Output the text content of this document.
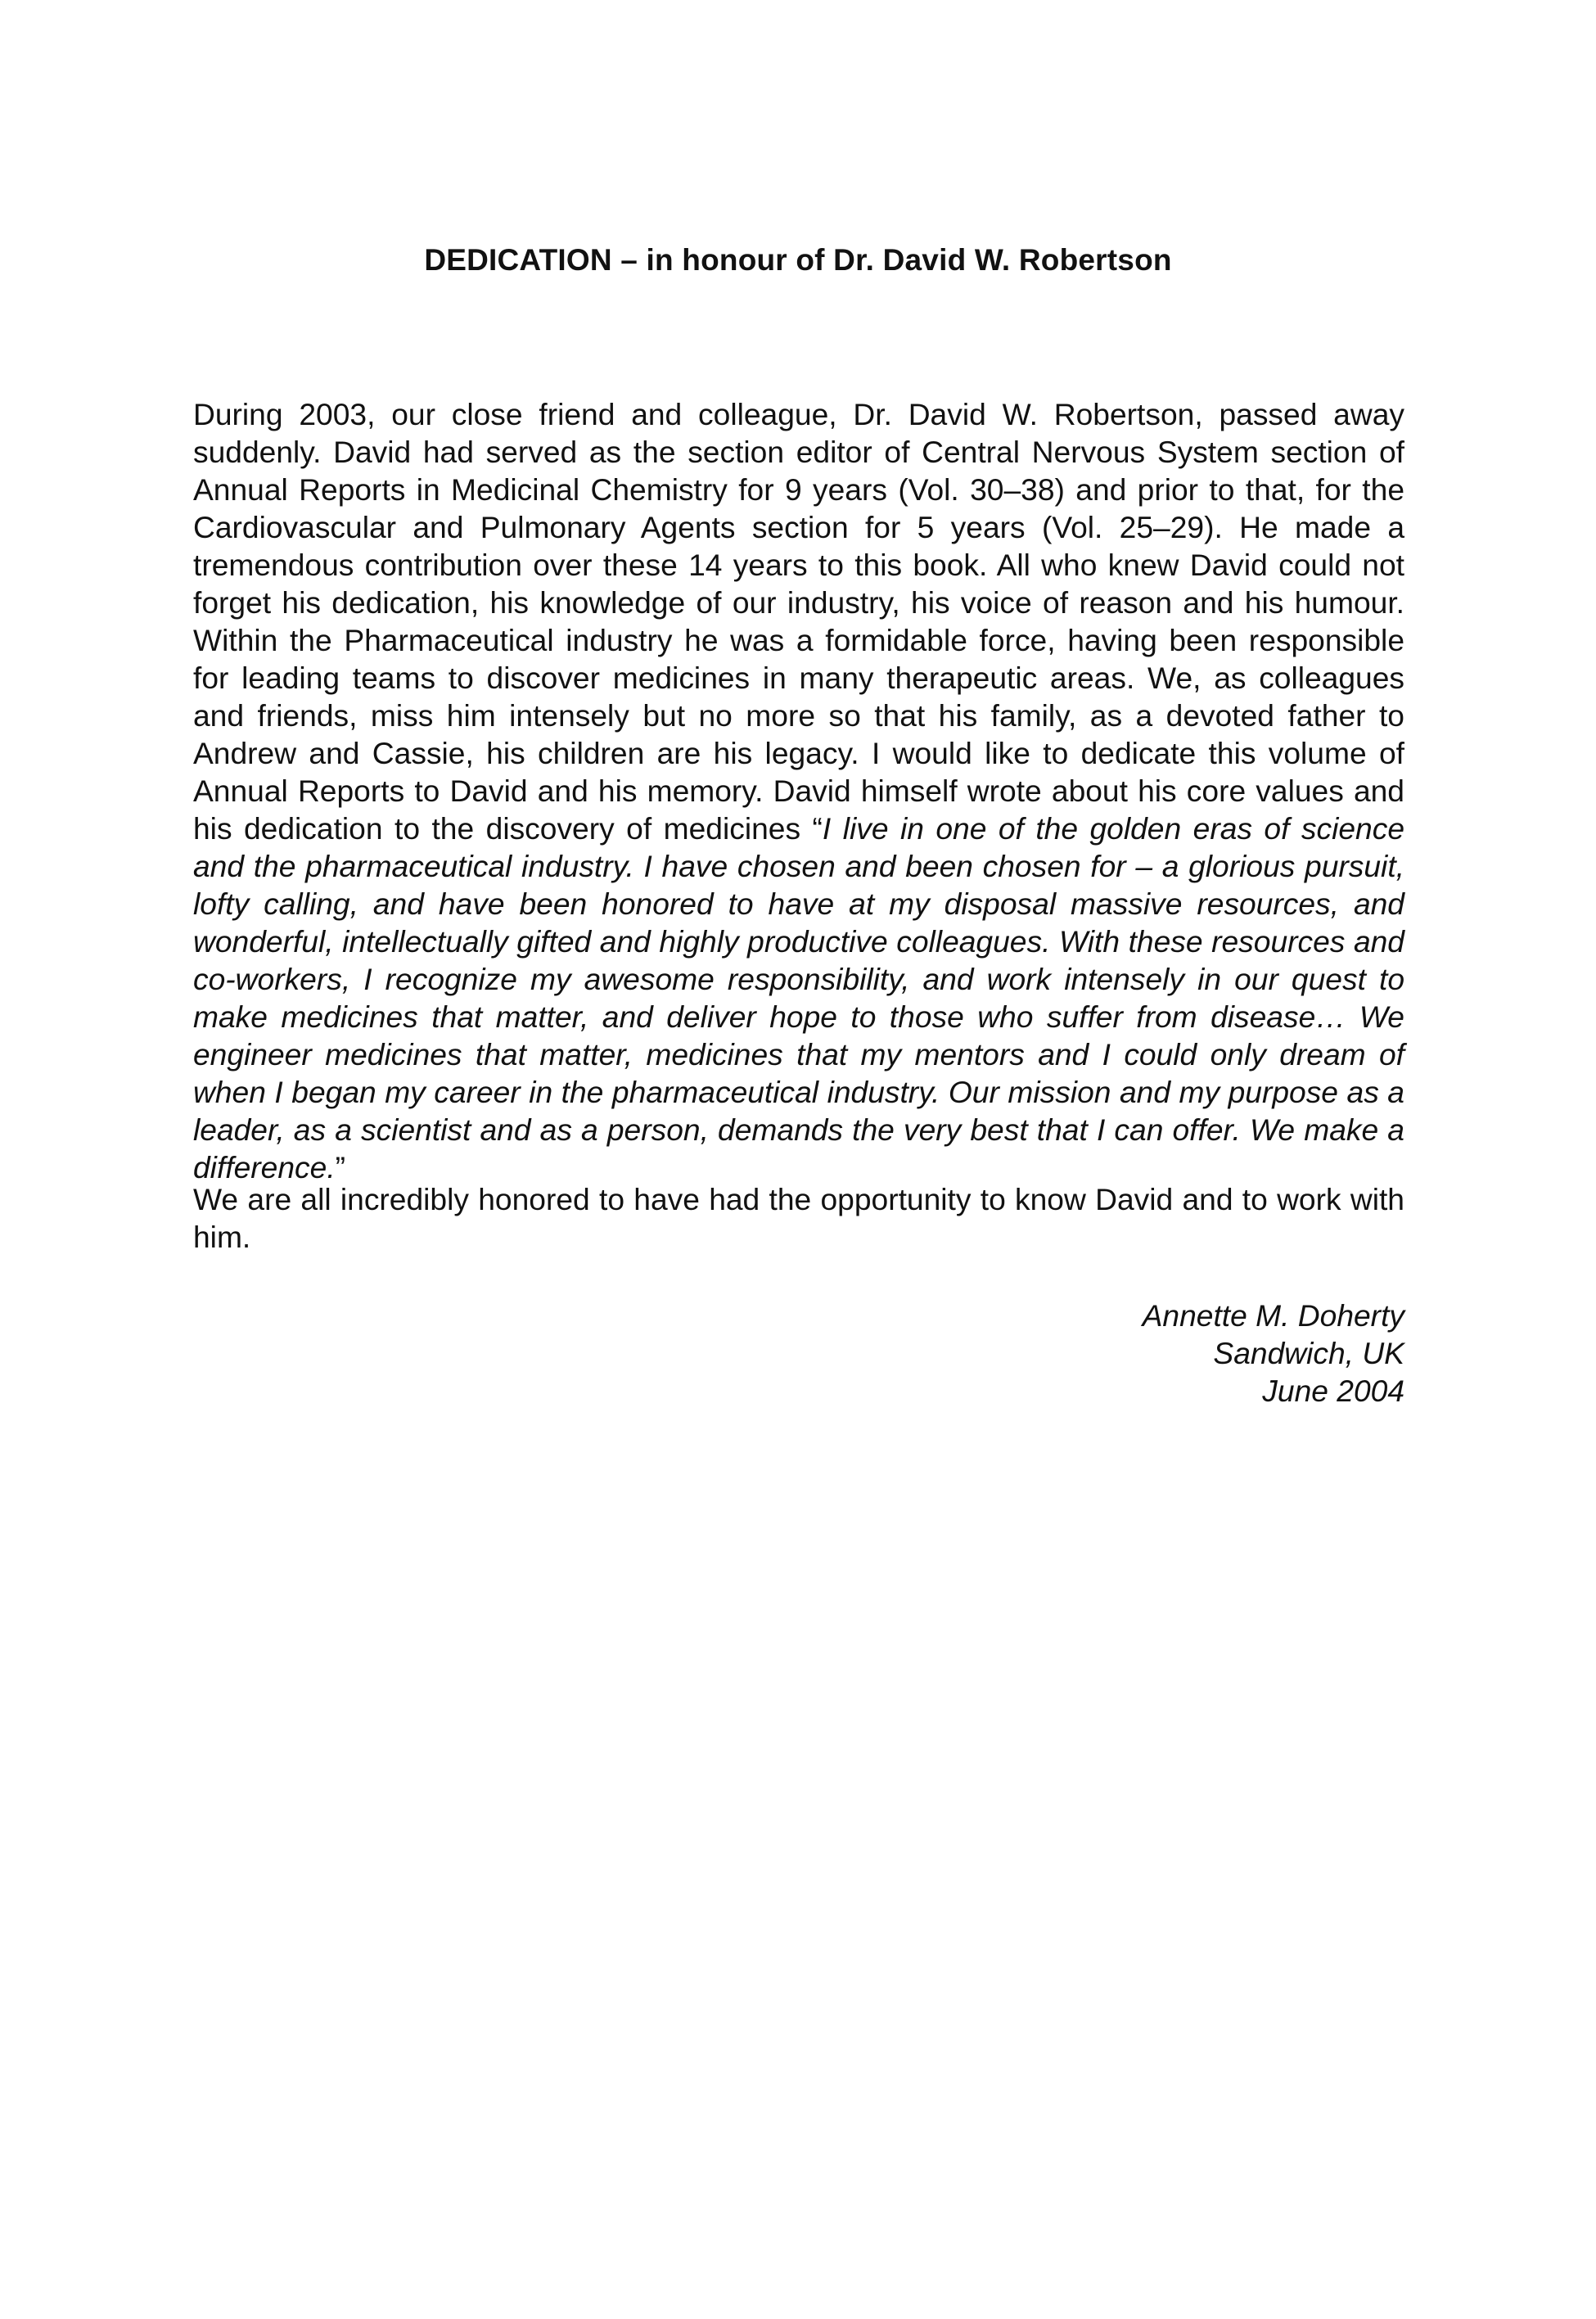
DEDICATION – in honour of Dr. David W. Robertson
During 2003, our close friend and colleague, Dr. David W. Robertson, passed away suddenly. David had served as the section editor of Central Nervous System section of Annual Reports in Medicinal Chemistry for 9 years (Vol. 30–38) and prior to that, for the Cardiovascular and Pulmonary Agents section for 5 years (Vol. 25–29). He made a tremendous contribution over these 14 years to this book. All who knew David could not forget his dedication, his knowledge of our industry, his voice of reason and his humour. Within the Pharmaceutical industry he was a formidable force, having been responsible for leading teams to discover medicines in many therapeutic areas. We, as colleagues and friends, miss him intensely but no more so that his family, as a devoted father to Andrew and Cassie, his children are his legacy. I would like to dedicate this volume of Annual Reports to David and his memory. David himself wrote about his core values and his dedication to the discovery of medicines “I live in one of the golden eras of science and the pharmaceutical industry. I have chosen and been chosen for – a glorious pursuit, lofty calling, and have been honored to have at my disposal massive resources, and wonderful, intellectually gifted and highly productive colleagues. With these resources and co-workers, I recognize my awesome responsibility, and work intensely in our quest to make medicines that matter, and deliver hope to those who suffer from disease… We engineer medicines that matter, medicines that my mentors and I could only dream of when I began my career in the pharmaceutical industry. Our mission and my purpose as a leader, as a scientist and as a person, demands the very best that I can offer. We make a difference.”
We are all incredibly honored to have had the opportunity to know David and to work with him.
Annette M. Doherty
Sandwich, UK
June 2004
